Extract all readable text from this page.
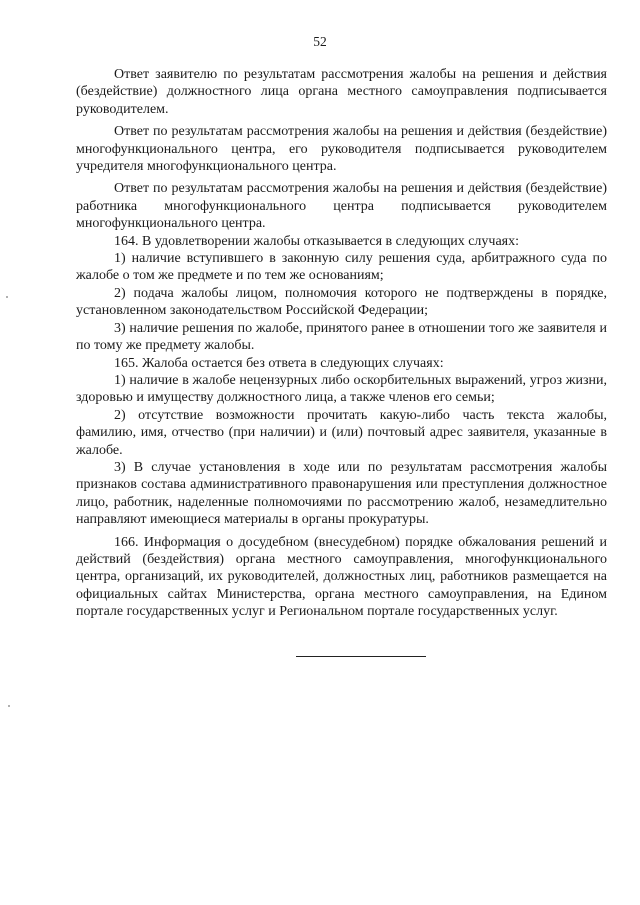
52

Ответ заявителю по результатам рассмотрения жалобы на решения и действия (бездействие) должностного лица органа местного самоуправления подписывается руководителем.

Ответ по результатам рассмотрения жалобы на решения и действия (бездействие) многофункционального центра, его руководителя подписывается руководителем учредителя многофункционального центра.

Ответ по результатам рассмотрения жалобы на решения и действия (бездействие) работника многофункционального центра подписывается руководителем многофункционального центра.

164. В удовлетворении жалобы отказывается в следующих случаях:

1) наличие вступившего в законную силу решения суда, арбитражного суда по жалобе о том же предмете и по тем же основаниям;

2) подача жалобы лицом, полномочия которого не подтверждены в порядке, установленном законодательством Российской Федерации;

3) наличие решения по жалобе, принятого ранее в отношении того же заявителя и по тому же предмету жалобы.

165. Жалоба остается без ответа в следующих случаях:

1) наличие в жалобе нецензурных либо оскорбительных выражений, угроз жизни, здоровью и имуществу должностного лица, а также членов его семьи;

2) отсутствие возможности прочитать какую-либо часть текста жалобы, фамилию, имя, отчество (при наличии) и (или) почтовый адрес заявителя, указанные в жалобе.

3) В случае установления в ходе или по результатам рассмотрения жалобы признаков состава административного правонарушения или преступления должностное лицо, работник, наделенные полномочиями по рассмотрению жалоб, незамедлительно направляют имеющиеся материалы в органы прокуратуры.

166. Информация о досудебном (внесудебном) порядке обжалования решений и действий (бездействия) органа местного самоуправления, многофункционального центра, организаций, их руководителей, должностных лиц, работников размещается на официальных сайтах Министерства, органа местного самоуправления, на Едином портале государственных услуг и Региональном портале государственных услуг.
